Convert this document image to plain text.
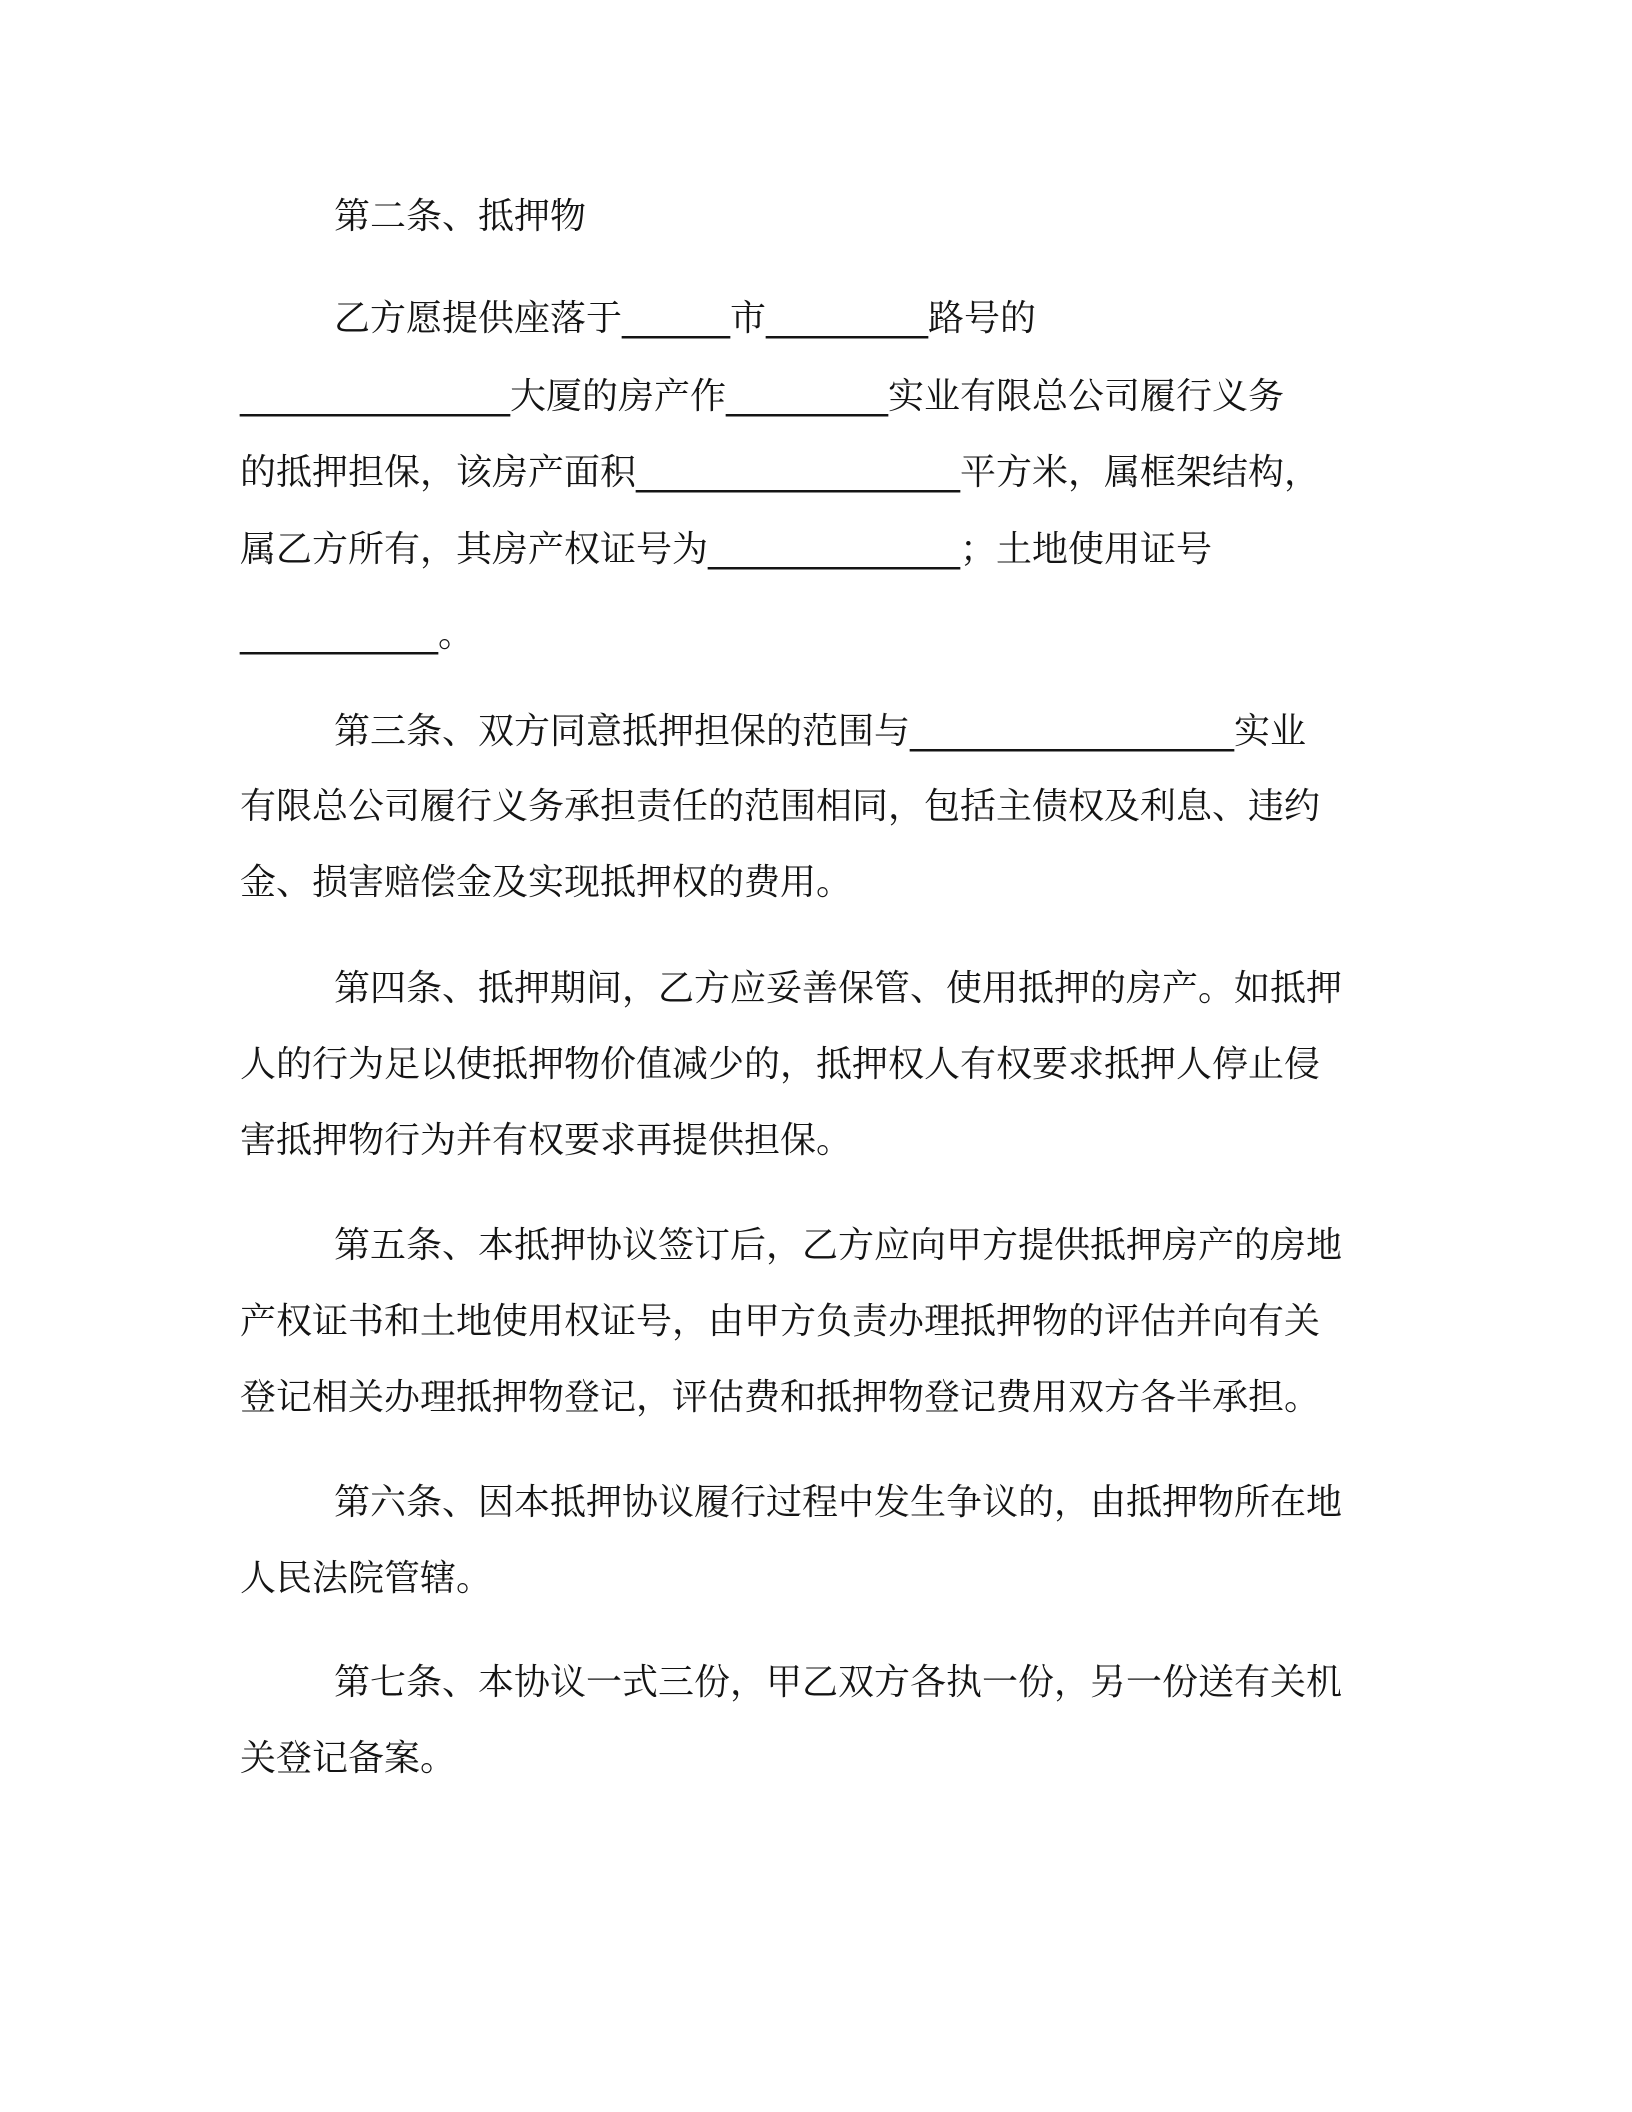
第二条、抵押物
乙方愿提供座落于______市_________路号的
_______________大厦的房产作_________实业有限总公司履行义务
的抵押担保，该房产面积__________________平方米，属框架结构，
属乙方所有，其房产权证号为______________；土地使用证号
___________。
第三条、双方同意抵押担保的范围与__________________实业
有限总公司履行义务承担责任的范围相同，包括主债权及利息、违约
金、损害赔偿金及实现抵押权的费用。
第四条、抵押期间，乙方应妥善保管、使用抵押的房产。如抵押
人的行为足以使抵押物价值减少的，抵押权人有权要求抵押人停止侵
害抵押物行为并有权要求再提供担保。
第五条、本抵押协议签订后，乙方应向甲方提供抵押房产的房地
产权证书和土地使用权证号，由甲方负责办理抵押物的评估并向有关
登记相关办理抵押物登记，评估费和抵押物登记费用双方各半承担。
第六条、因本抵押协议履行过程中发生争议的，由抵押物所在地
人民法院管辖。
第七条、本协议一式三份，甲乙双方各执一份，另一份送有关机
关登记备案。
